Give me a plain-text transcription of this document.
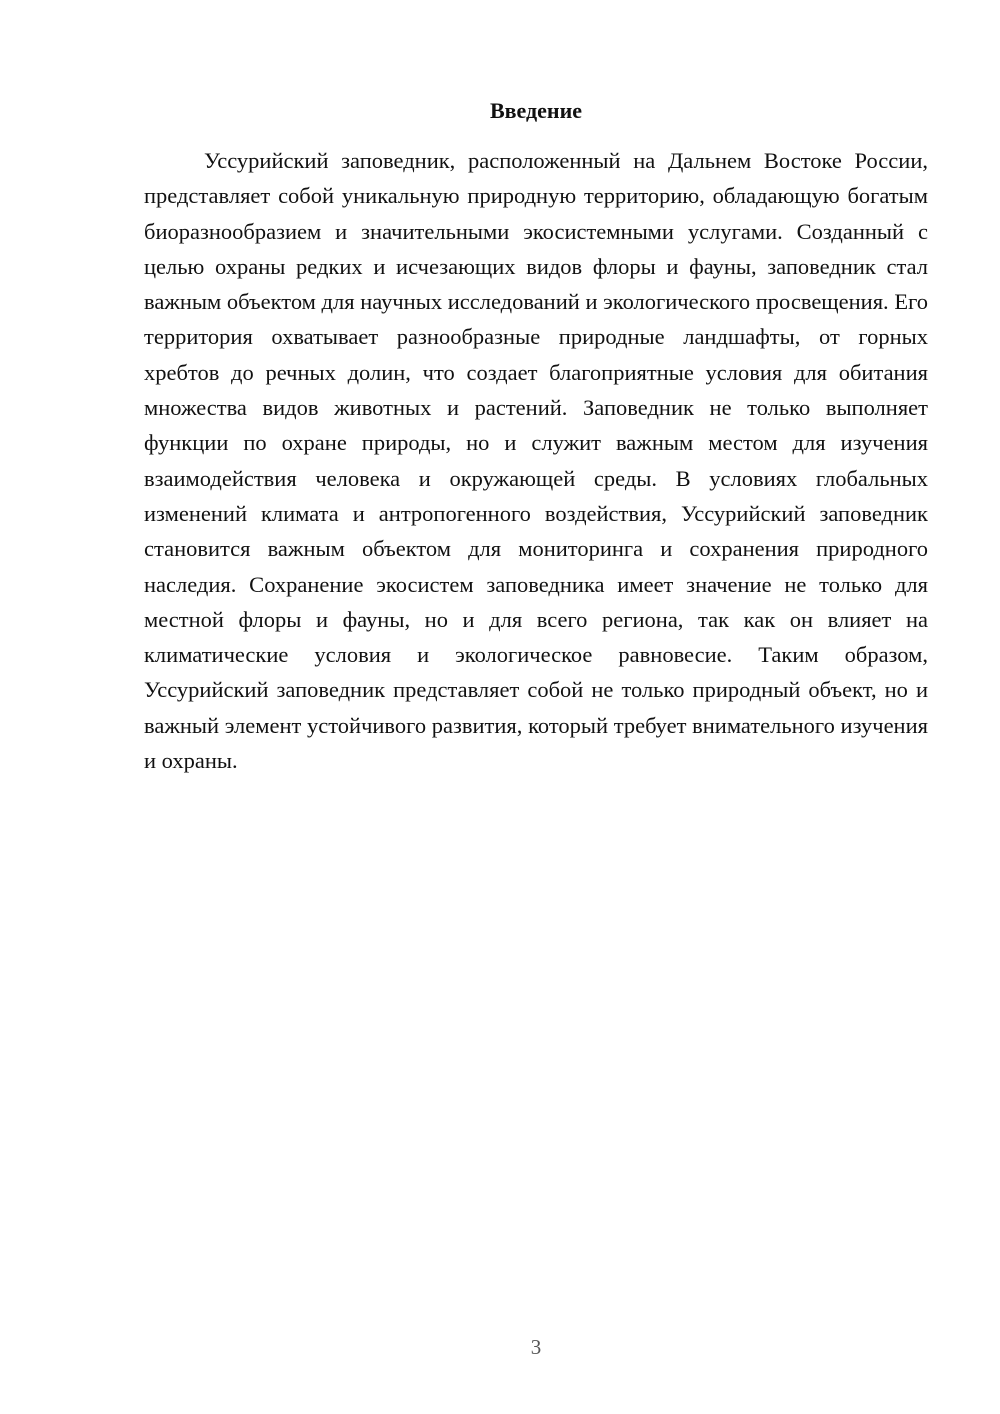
Введение

Уссурийский заповедник, расположенный на Дальнем Востоке России, представляет собой уникальную природную территорию, обладающую богатым биоразнообразием и значительными экосистемными услугами. Созданный с целью охраны редких и исчезающих видов флоры и фауны, заповедник стал важным объектом для научных исследований и экологического просвещения. Его территория охватывает разнообразные природные ландшафты, от горных хребтов до речных долин, что создает благоприятные условия для обитания множества видов животных и растений. Заповедник не только выполняет функции по охране природы, но и служит важным местом для изучения взаимодействия человека и окружающей среды. В условиях глобальных изменений климата и антропогенного воздействия, Уссурийский заповедник становится важным объектом для мониторинга и сохранения природного наследия. Сохранение экосистем заповедника имеет значение не только для местной флоры и фауны, но и для всего региона, так как он влияет на климатические условия и экологическое равновесие. Таким образом, Уссурийский заповедник представляет собой не только природный объект, но и важный элемент устойчивого развития, который требует внимательного изучения и охраны.

3
